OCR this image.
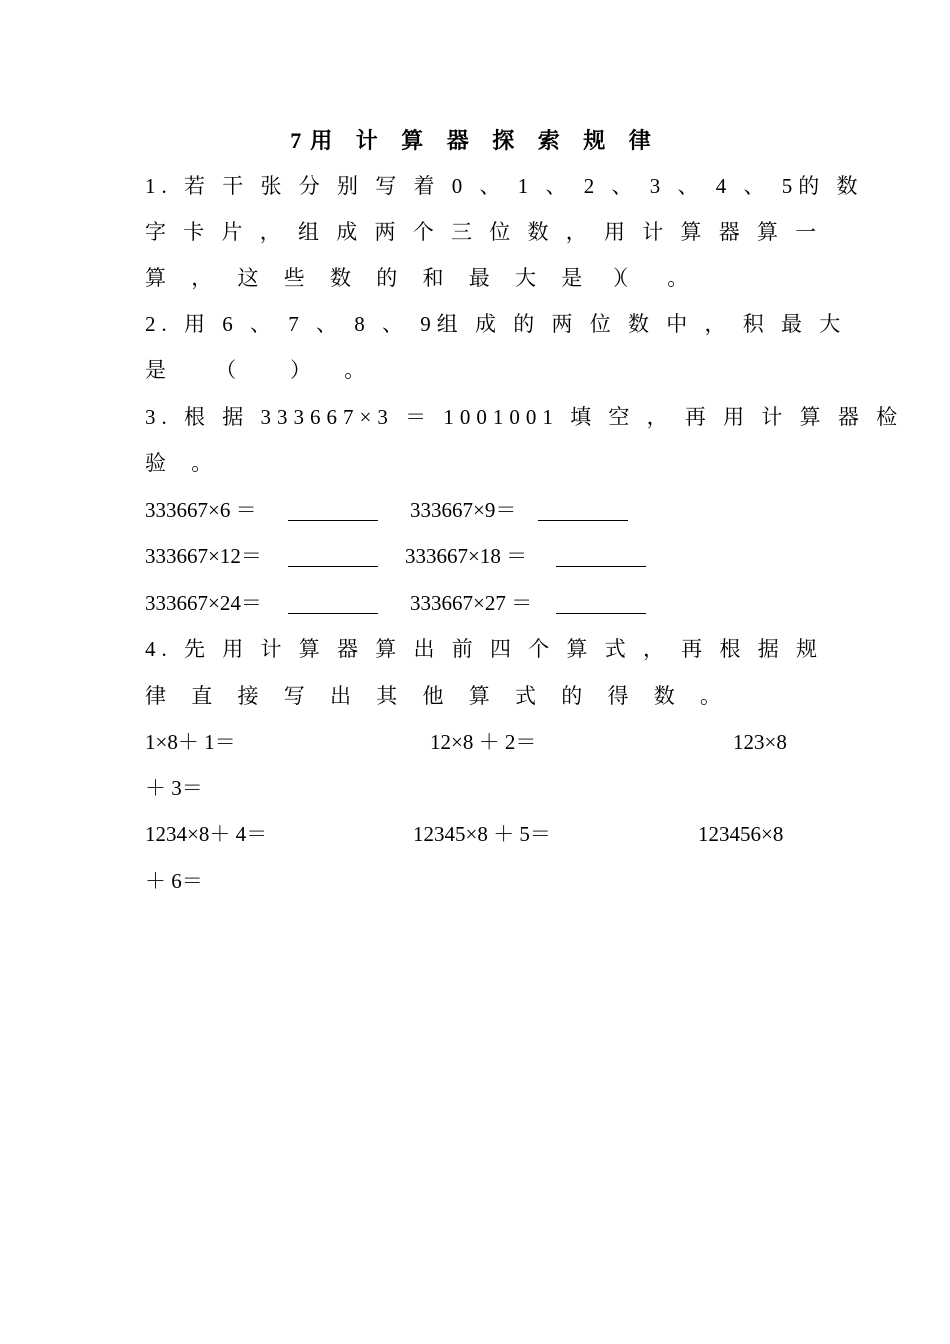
7用 计 算 器 探 索 规 律
1. 若 干 张 分 别 写 着 0 、 1 、 2 、 3 、 4 、 5的 数
字 卡 片 ， 组 成 两 个 三 位 数 ， 用 计 算 器 算 一
算 ， 这 些 数 的 和 最 大 是 （
） 。
2. 用 6 、 7 、 8 、 9组 成 的 两 位 数 中 ， 积 最 大
是 （ ） 。
3. 根 据 333667×3 ＝ 1001001 填 空 ， 再 用 计 算 器 检
验 。
333667×6 ＝	333667×9＝
333667×12＝	333667×18 ＝
333667×24＝	333667×27 ＝
4. 先 用 计 算 器 算 出 前 四 个 算 式 ， 再 根 据 规
律 直 接 写 出 其 他 算 式 的 得 数 。
1×8＋ 1＝	12×8 ＋ 2＝	123×8
＋ 3＝
1234×8＋ 4＝	12345×8 ＋ 5＝	123456×8
＋ 6＝
